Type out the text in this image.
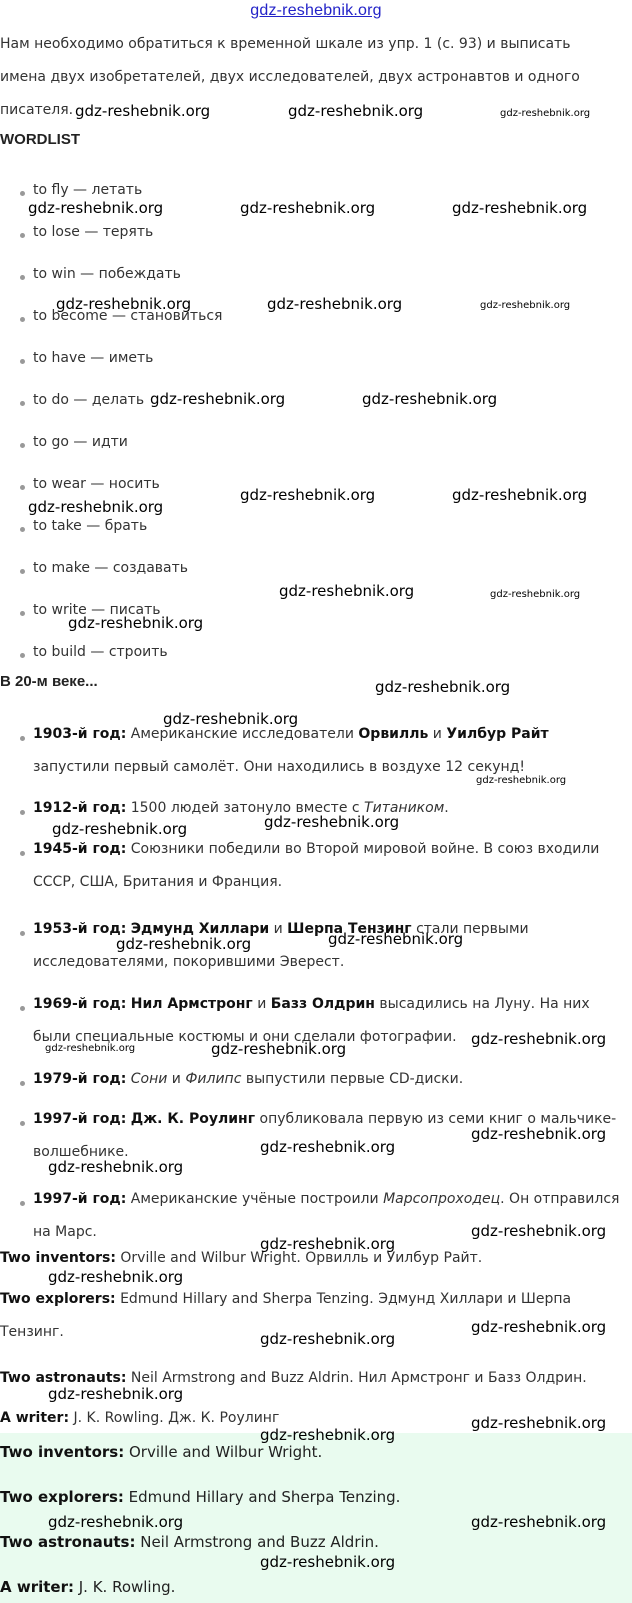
gdz-reshebnik.org
Нам необходимо обратиться к временной шкале из упр. 1 (с. 93) и выписать имена двух изобретателей, двух исследователей, двух астронавтов и одного писателя.
WORDLIST
to fly — летать
to lose — терять
to win — побеждать
to become — становиться
to have — иметь
to do — делать
to go — идти
to wear — носить
to take — брать
to make — создавать
to write — писать
to build — строить
В 20-м веке...
1903-й год: Американские исследователи Орвилль и Уилбур Райт запустили первый самолёт. Они находились в воздухе 12 секунд!
1912-й год: 1500 людей затонуло вместе с Титаником.
1945-й год: Союзники победили во Второй мировой войне. В союз входили СССР, США, Британия и Франция.
1953-й год: Эдмунд Хиллари и Шерпа Тензинг стали первыми исследователями, покорившими Эверест.
1969-й год: Нил Армстронг и Базз Олдрин высадились на Луну. На них были специальные костюмы и они сделали фотографии.
1979-й год: Сони и Филипс выпустили первые CD-диски.
1997-й год: Дж. К. Роулинг опубликовала первую из семи книг о мальчике-волшебнике.
1997-й год: Американские учёные построили Марсопроходец. Он отправился на Марс.
Two inventors: Orville and Wilbur Wright. Орвилль и Уилбур Райт.
Two explorers: Edmund Hillary and Sherpa Tenzing. Эдмунд Хиллари и Шерпа Тензинг.
Two astronauts: Neil Armstrong and Buzz Aldrin. Нил Армстронг и Базз Олдрин.
A writer: J. K. Rowling. Дж. К. Роулинг
Two inventors: Orville and Wilbur Wright.
Two explorers: Edmund Hillary and Sherpa Tenzing.
Two astronauts: Neil Armstrong and Buzz Aldrin.
A writer: J. K. Rowling.
gdz-reshebnik.org	gdz-reshebnik.org	gdz-reshebnik.org
gdz-reshebnik.org	gdz-reshebnik.org	gdz-reshebnik.org
gdz-reshebnik.org	gdz-reshebnik.org	gdz-reshebnik.org
gdz-reshebnik.org	gdz-reshebnik.org
gdz-reshebnik.org
gdz-reshebnik.org	gdz-reshebnik.org
gdz-reshebnik.org	gdz-reshebnik.org
gdz-reshebnik.org
gdz-reshebnik.org
gdz-reshebnik.org
gdz-reshebnik.org
gdz-reshebnik.org
gdz-reshebnik.org
gdz-reshebnik.org
gdz-reshebnik.org
gdz-reshebnik.org
gdz-reshebnik.org	gdz-reshebnik.org
gdz-reshebnik.org
gdz-reshebnik.org
gdz-reshebnik.org
gdz-reshebnik.org
gdz-reshebnik.org
gdz-reshebnik.org
gdz-reshebnik.org
gdz-reshebnik.org
gdz-reshebnik.org
gdz-reshebnik.org
gdz-reshebnik.org
gdz-reshebnik.org	gdz-reshebnik.org
gdz-reshebnik.org
